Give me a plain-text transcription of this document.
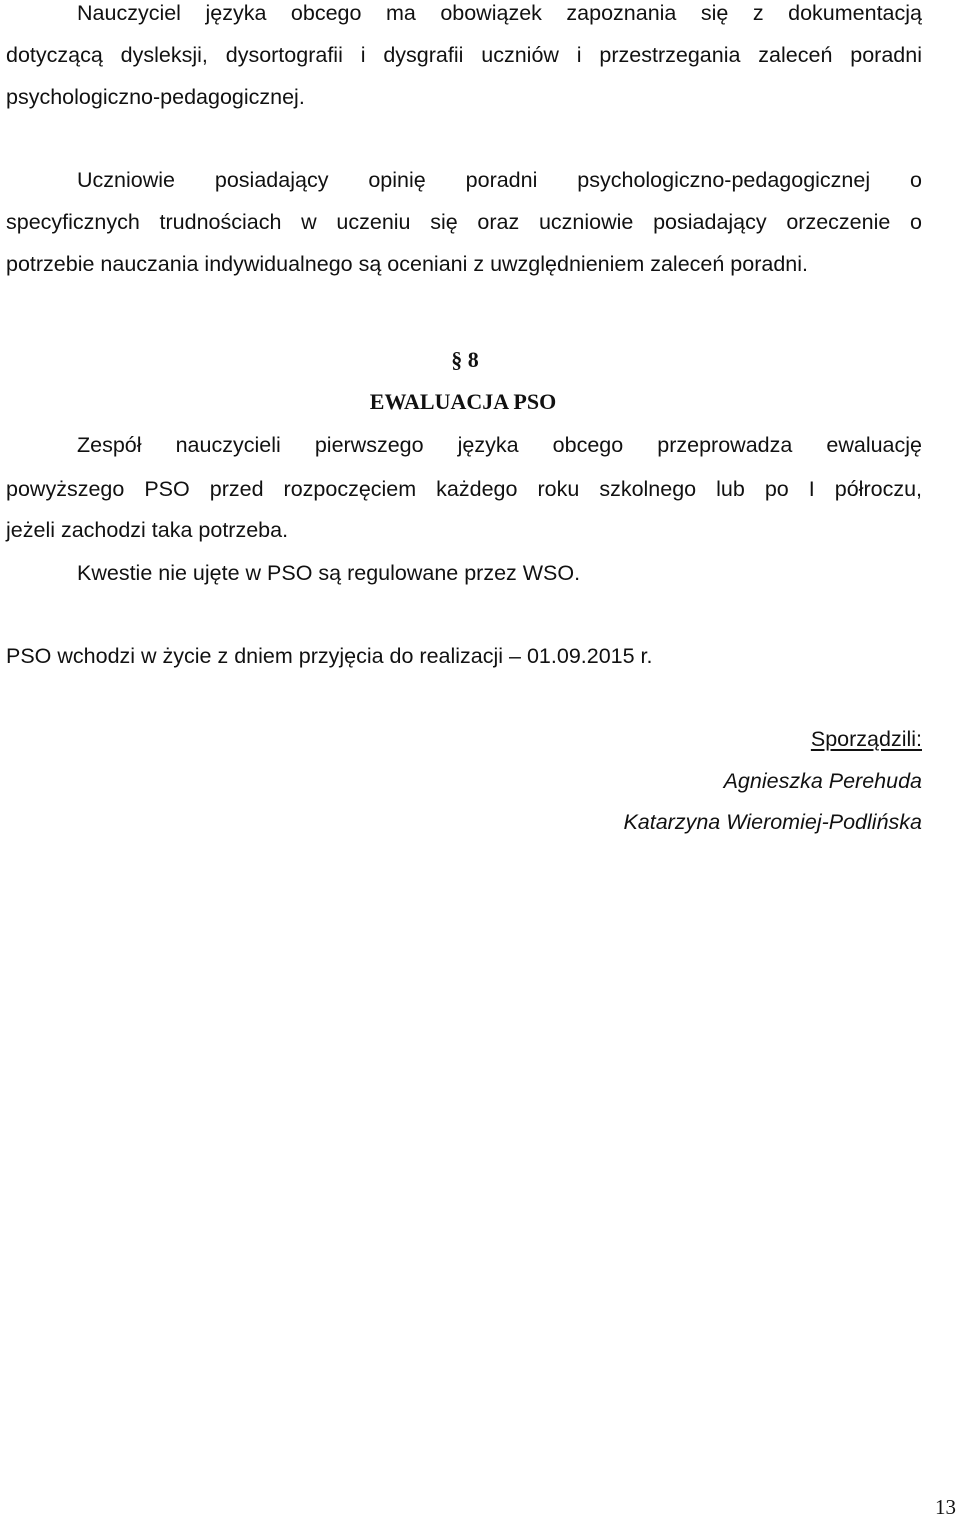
Nauczyciel języka obcego ma obowiązek zapoznania się z dokumentacją
dotyczącą dysleksji, dysortografii i dysgrafii uczniów i przestrzegania zaleceń poradni
psychologiczno-pedagogicznej.
Uczniowie posiadający opinię poradni psychologiczno-pedagogicznej o
specyficznych trudnościach w uczeniu się oraz uczniowie posiadający orzeczenie o
potrzebie nauczania indywidualnego są oceniani z uwzględnieniem zaleceń poradni.
§ 8
EWALUACJA PSO
Zespół nauczycieli pierwszego języka obcego przeprowadza ewaluację
powyższego PSO przed rozpoczęciem każdego roku szkolnego lub po I półroczu,
jeżeli zachodzi taka potrzeba.
Kwestie nie ujęte w PSO są regulowane przez WSO.
PSO wchodzi w życie z dniem przyjęcia do realizacji – 01.09.2015 r.
Sporządzili:
Agnieszka Perehuda
Katarzyna Wieromiej-Podlińska
13
